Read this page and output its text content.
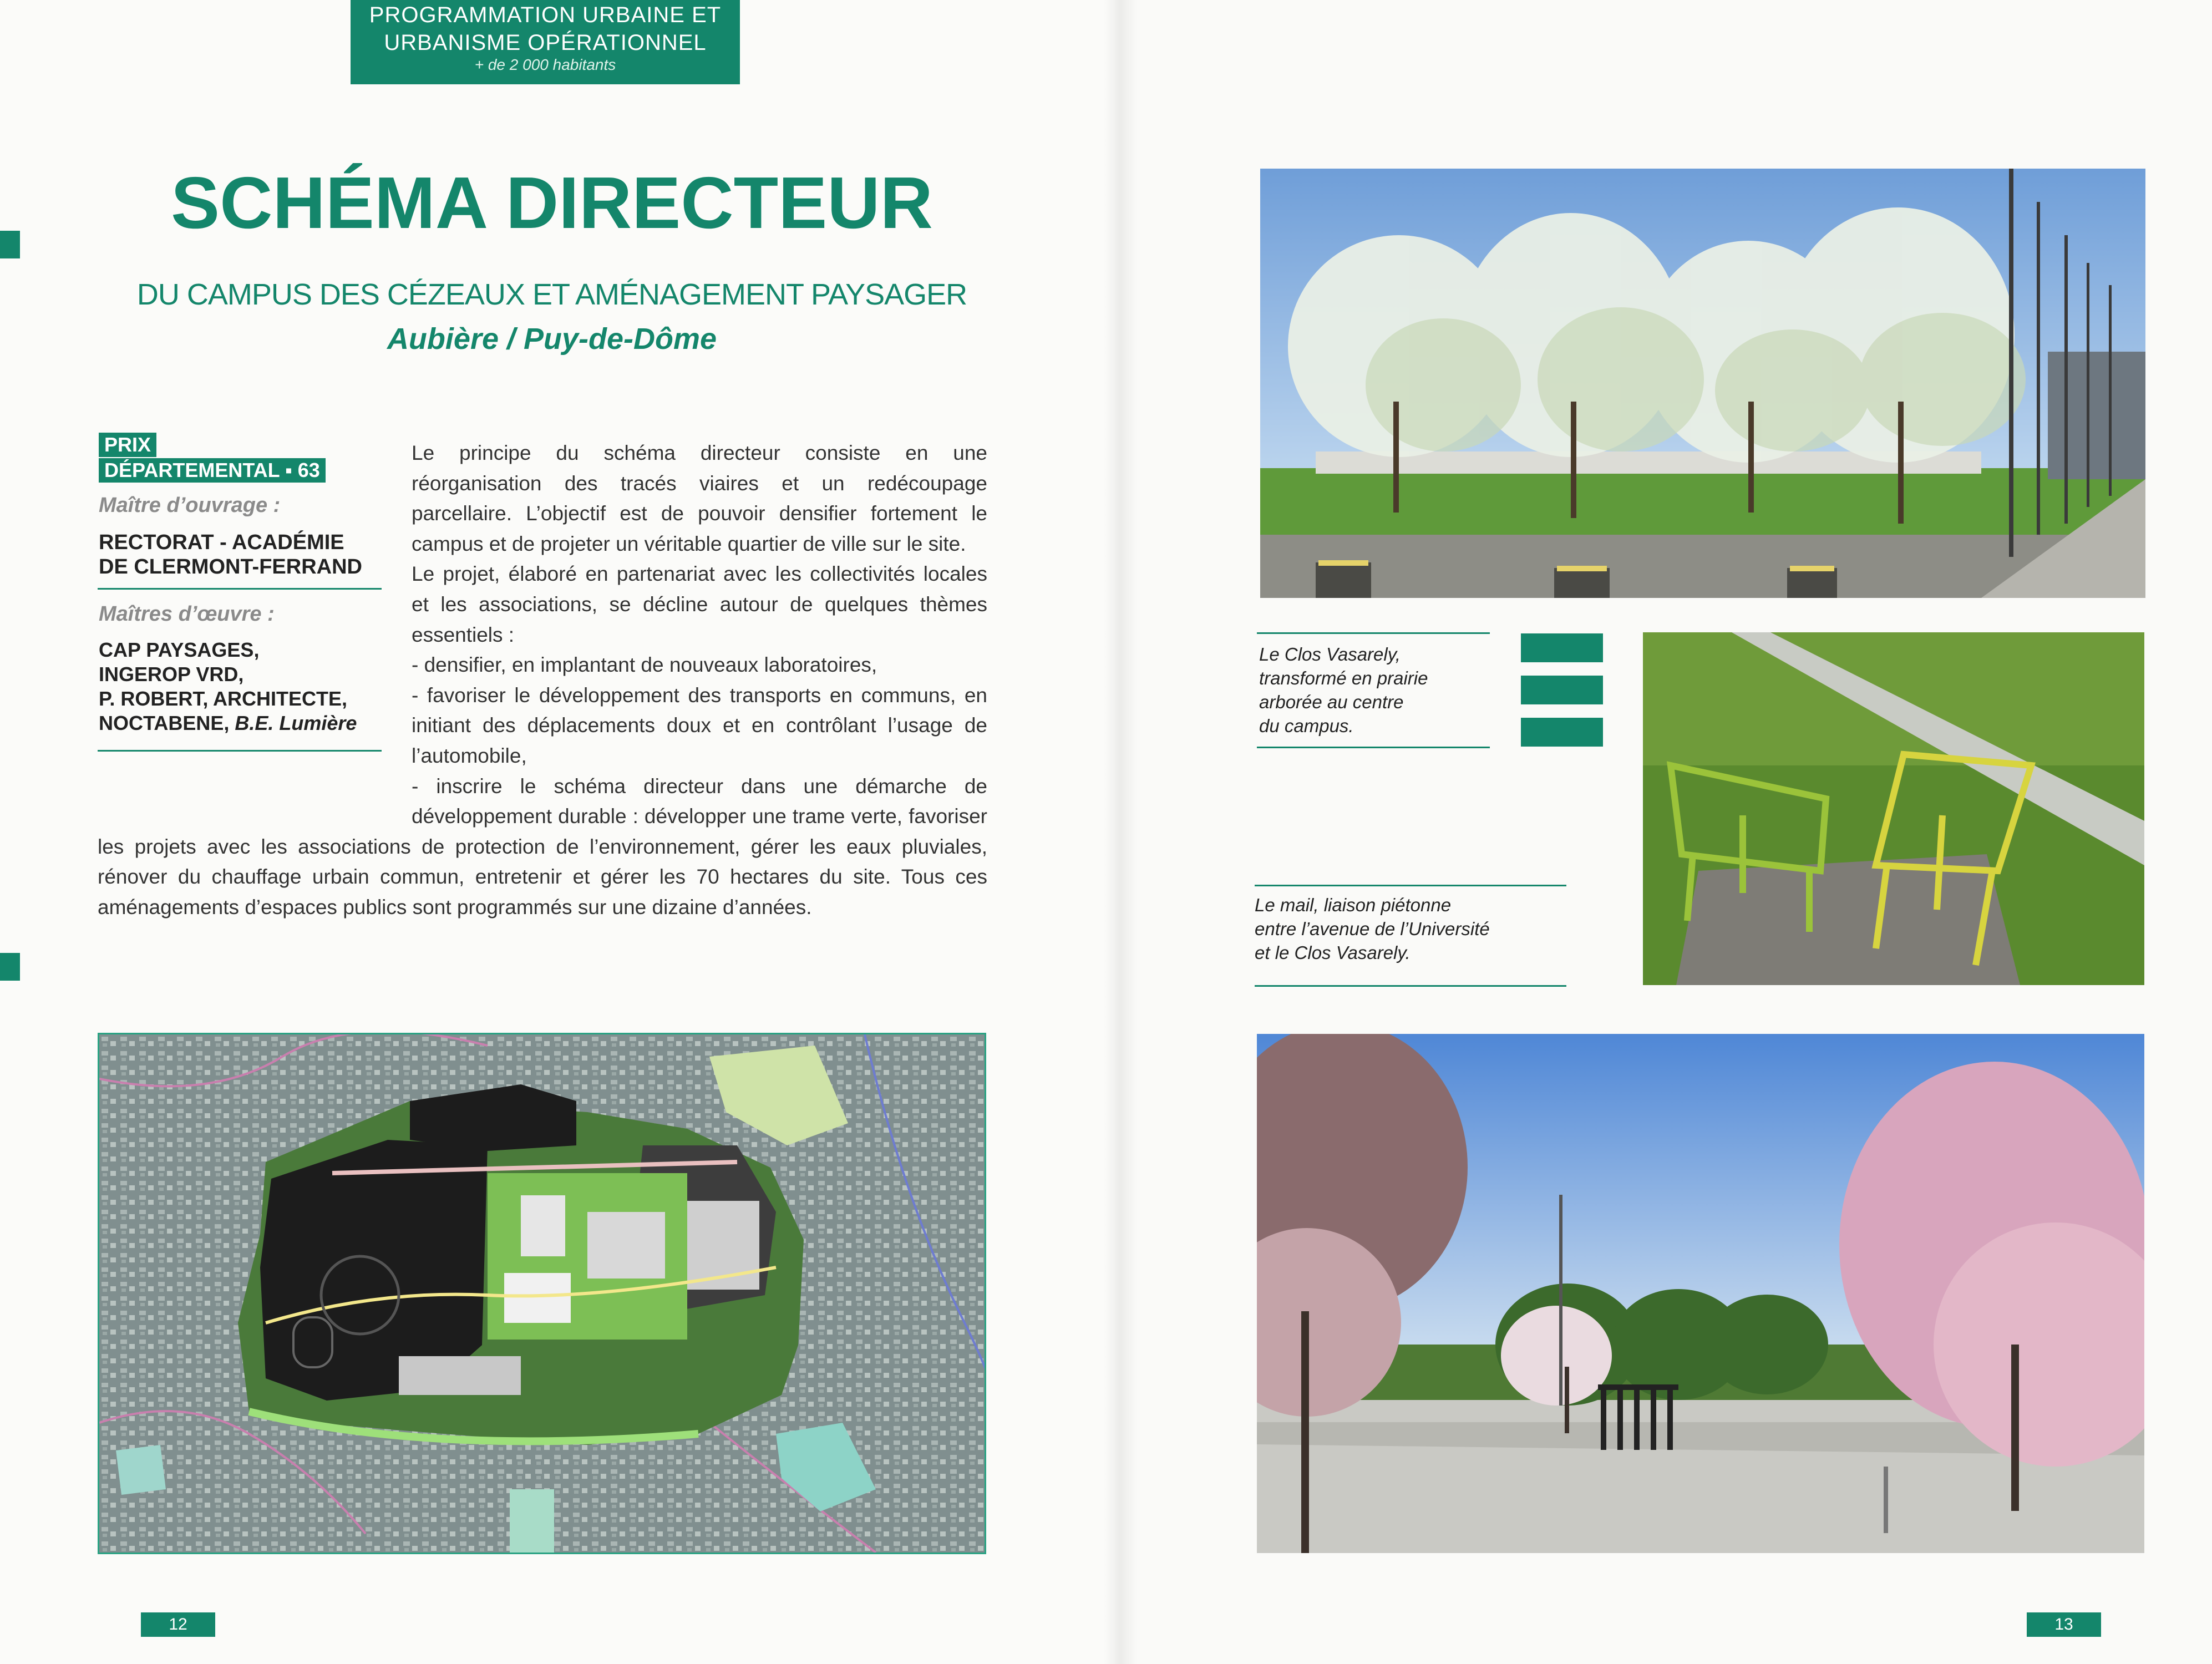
PROGRAMMATION URBAINE ET
URBANISME OPÉRATIONNEL
+ de 2 000 habitants
SCHÉMA DIRECTEUR
DU CAMPUS DES CÉZEAUX ET AMÉNAGEMENT PAYSAGER
Aubière / Puy-de-Dôme
PRIX
DÉPARTEMENTAL ▪ 63
Maître d’ouvrage :
RECTORAT - ACADÉMIE
DE CLERMONT-FERRAND
Maîtres d’œuvre :
CAP PAYSAGES,
INGEROP VRD,
P. ROBERT, ARCHITECTE,
NOCTABENE, B.E. Lumière

Le principe du schéma directeur consiste en une réorganisation des tracés viaires et un redécoupage parcellaire. L’objectif est de pouvoir densifier fortement le campus et de projeter un véritable quartier de ville sur le site.

Le projet, élaboré en partenariat avec les collectivités locales et les associations, se décline autour de quelques thèmes essentiels :

- densifier, en implantant de nouveaux laboratoires,

- favoriser le développement des transports en communs, en initiant des déplacements doux et en contrôlant l’usage de l’automobile,

- inscrire le schéma directeur dans une démarche de développement durable : développer une trame verte, favoriser les projets avec les associations de protection de l’environnement, gérer les eaux pluviales, rénover du chauffage urbain commun, entretenir et gérer les 70 hectares du site. Tous ces aménagements d’espaces publics sont programmés sur une dizaine d’années.

12	13
Le Clos Vasarely,
transformé en prairie
arborée au centre
du campus.
Le mail, liaison piétonne
entre l’avenue de l’Université
et le Clos Vasarely.
